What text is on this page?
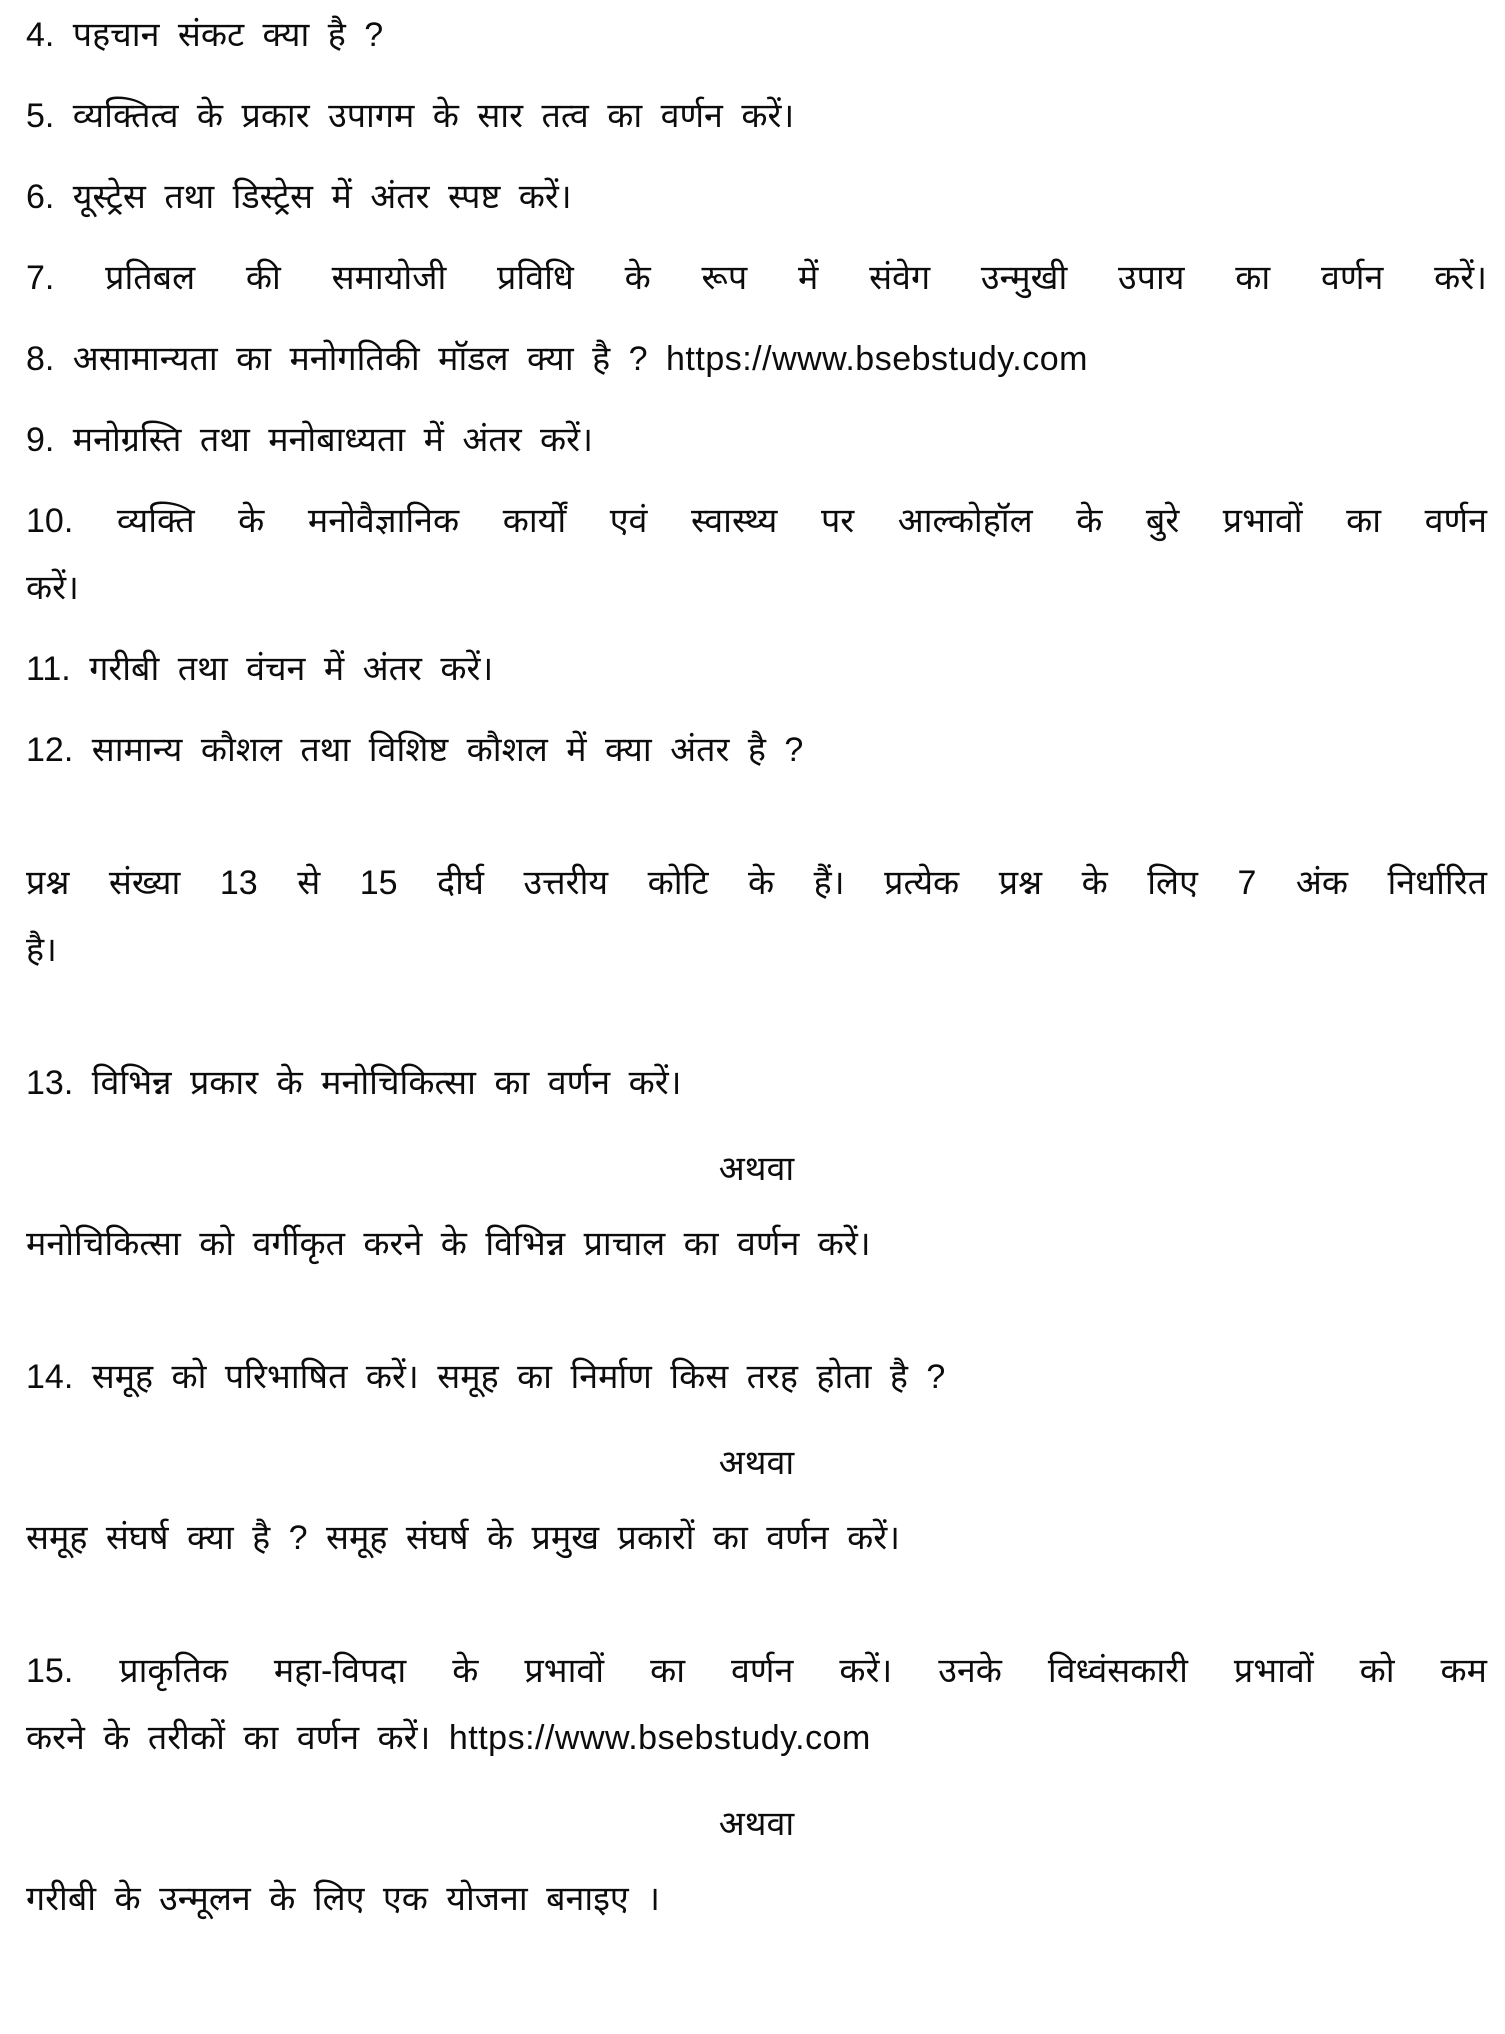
4. पहचान संकट क्या है ?
5. व्यक्तित्व के प्रकार उपागम के सार तत्व का वर्णन करें।
6. यूस्ट्रेस तथा डिस्ट्रेस में अंतर स्पष्ट करें।
7. प्रतिबल की समायोजी प्रविधि के रूप में संवेग उन्मुखी उपाय का वर्णन करें।
8. असामान्यता का मनोगतिकी मॉडल क्या है ? https://www.bsebstudy.com
9. मनोग्रस्ति तथा मनोबाध्यता में अंतर करें।
10. व्यक्ति के मनोवैज्ञानिक कार्यों एवं स्वास्थ्य पर आल्कोहॉल के बुरे प्रभावों का वर्णन
करें।
11. गरीबी तथा वंचन में अंतर करें।
12. सामान्य कौशल तथा विशिष्ट कौशल में क्या अंतर है ?
प्रश्न संख्या 13 से 15 दीर्घ उत्तरीय कोटि के हैं। प्रत्येक प्रश्न के लिए 7 अंक निर्धारित
है।
13. विभिन्न प्रकार के मनोचिकित्सा का वर्णन करें।
अथवा
मनोचिकित्सा को वर्गीकृत करने के विभिन्न प्राचाल का वर्णन करें।
14. समूह को परिभाषित करें। समूह का निर्माण किस तरह होता है ?
अथवा
समूह संघर्ष क्या है ? समूह संघर्ष के प्रमुख प्रकारों का वर्णन करें।
15. प्राकृतिक महा-विपदा के प्रभावों का वर्णन करें। उनके विध्वंसकारी प्रभावों को कम
करने के तरीकों का वर्णन करें। https://www.bsebstudy.com
अथवा
गरीबी के उन्मूलन के लिए एक योजना बनाइए ।
